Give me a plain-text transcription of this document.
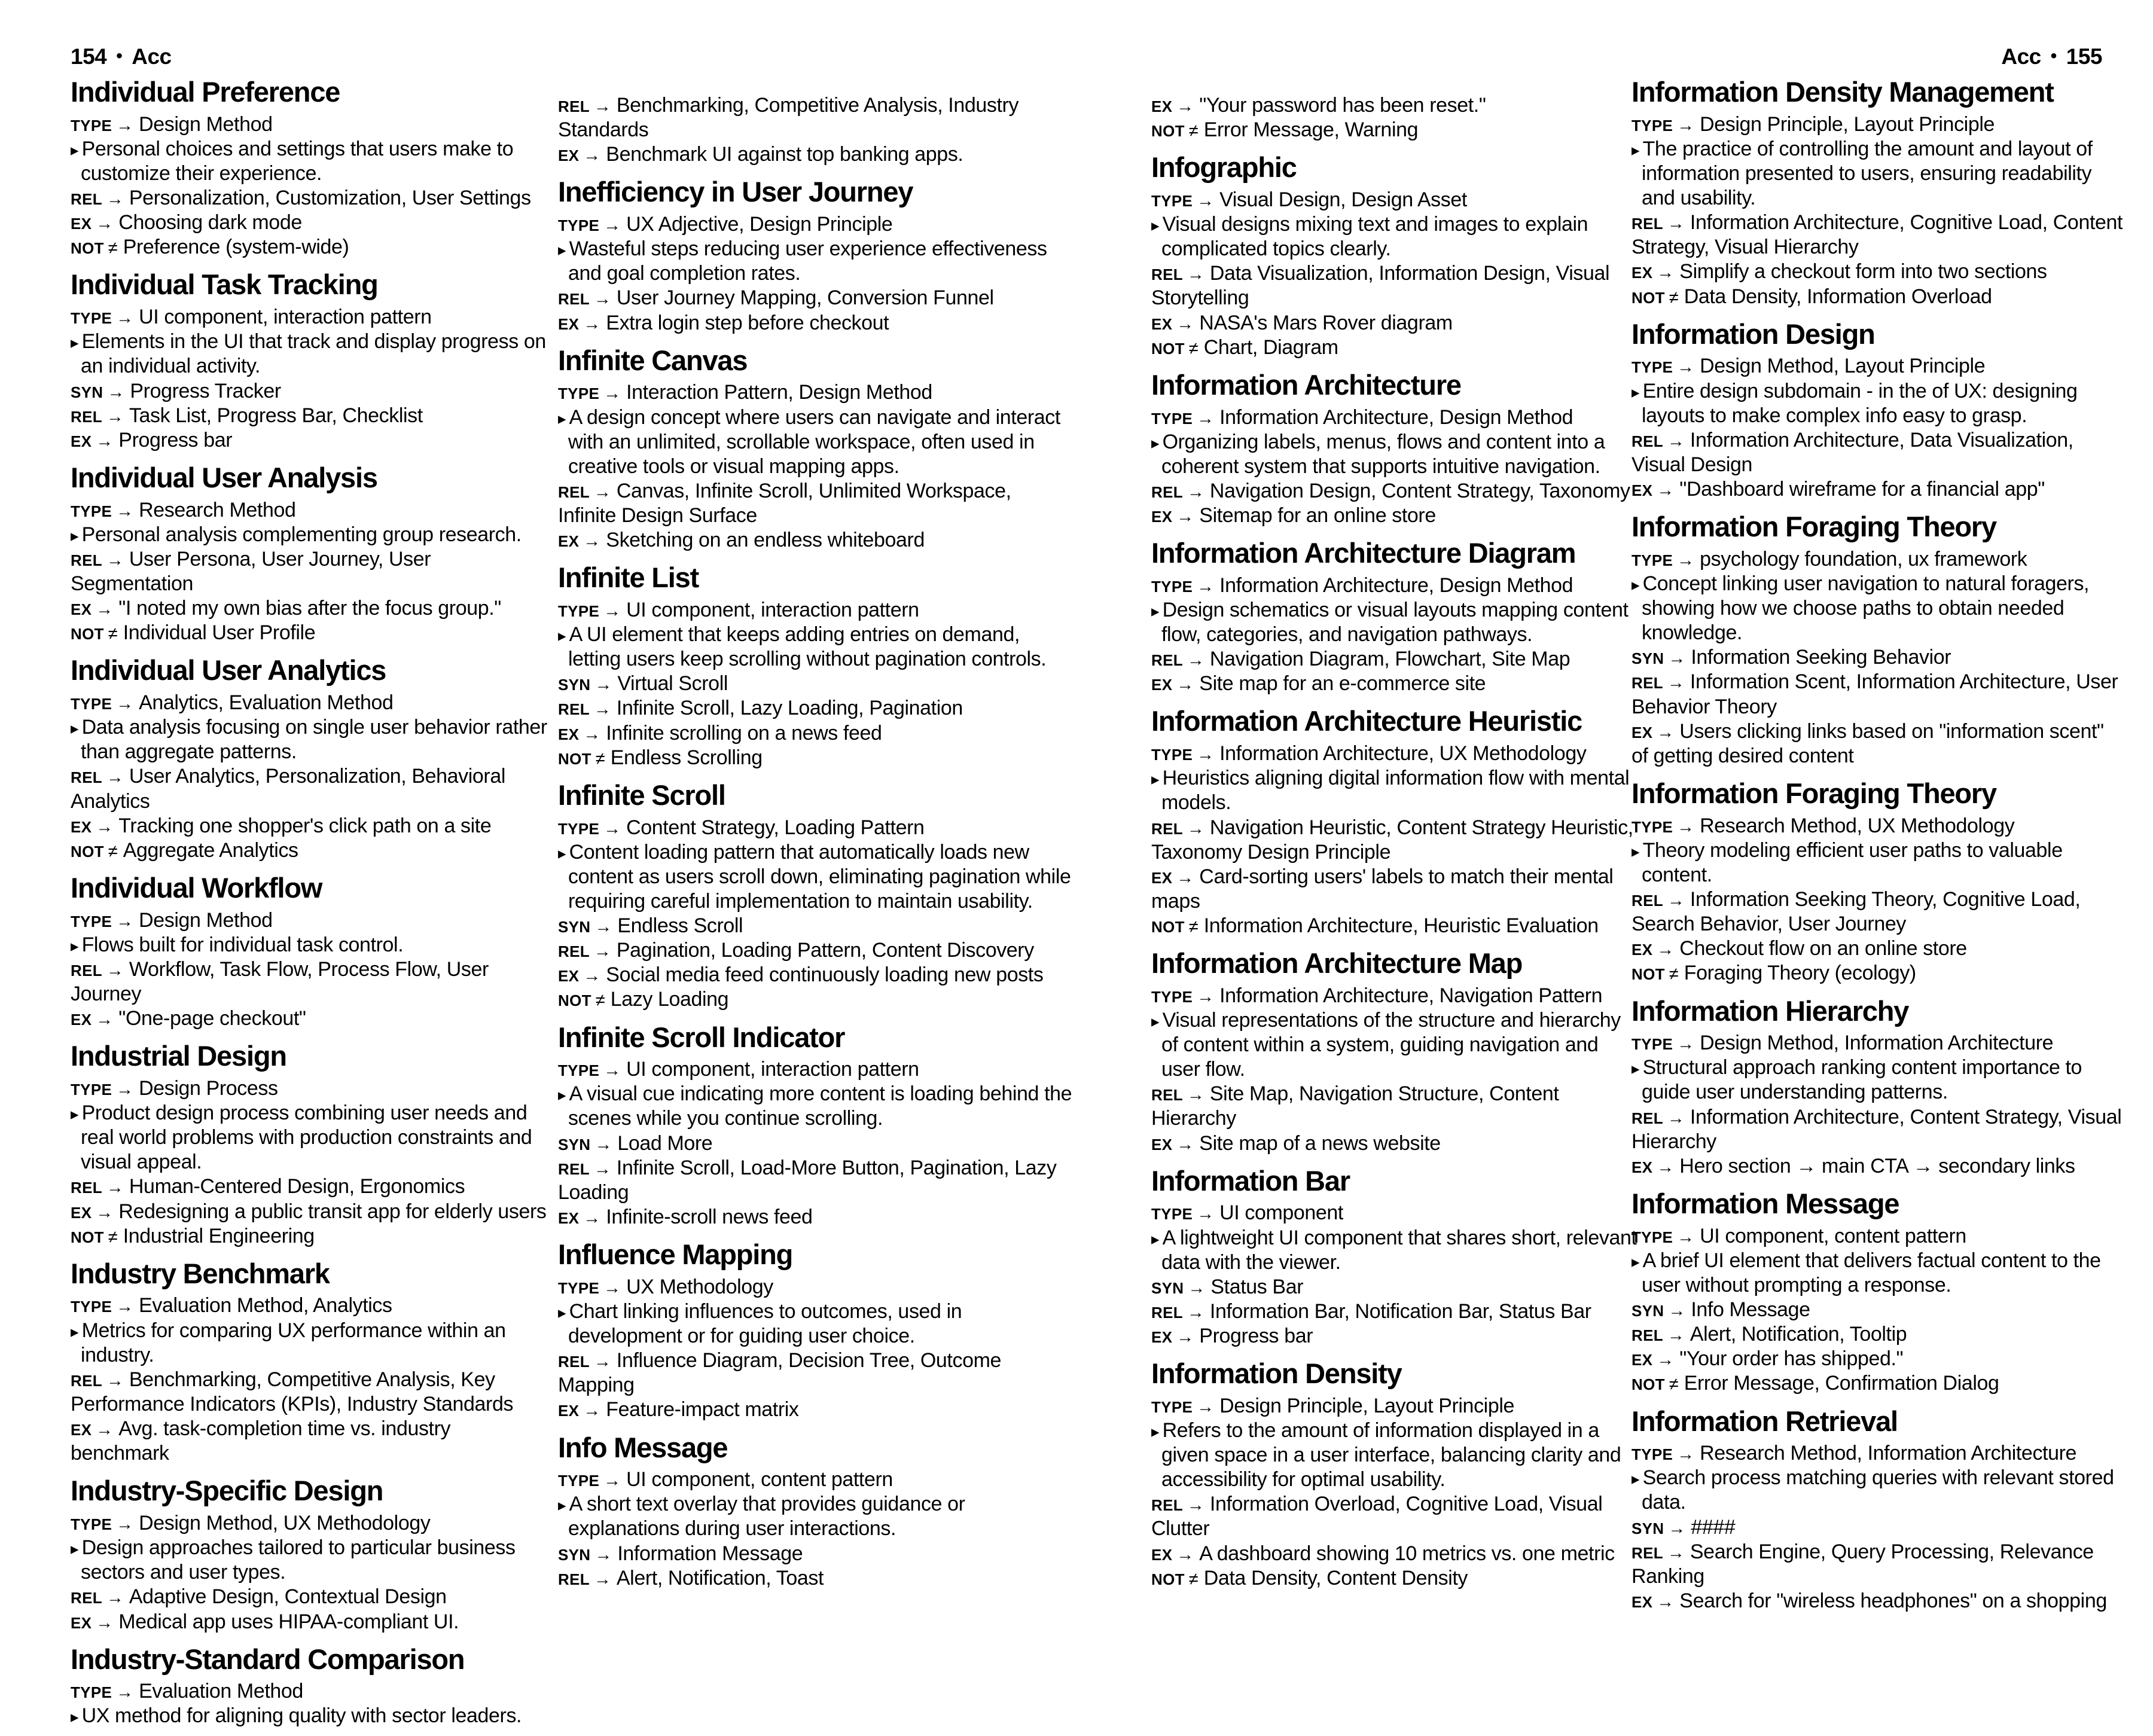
154 • Acc	Acc • 155
Individual Preference
TYPE → Design Method
▸ Personal choices and settings that users make to customize their experience.
REL → Personalization, Customization, User Settings
EX → Choosing dark mode
NOT ≠ Preference (system-wide)
Individual Task Tracking
TYPE → UI component, interaction pattern
▸ Elements in the UI that track and display progress on an individual activity.
SYN → Progress Tracker
REL → Task List, Progress Bar, Checklist
EX → Progress bar
Individual User Analysis
TYPE → Research Method
▸ Personal analysis complementing group research.
REL → User Persona, User Journey, User Segmentation
EX → "I noted my own bias after the focus group."
NOT ≠ Individual User Profile
Individual User Analytics
TYPE → Analytics, Evaluation Method
▸ Data analysis focusing on single user behavior rather than aggregate patterns.
REL → User Analytics, Personalization, Behavioral Analytics
EX → Tracking one shopper's click path on a site
NOT ≠ Aggregate Analytics
Individual Workflow
TYPE → Design Method
▸ Flows built for individual task control.
REL → Workflow, Task Flow, Process Flow, User Journey
EX → "One-page checkout"
Industrial Design
TYPE → Design Process
▸ Product design process combining user needs and real world problems with production constraints and visual appeal.
REL → Human-Centered Design, Ergonomics
EX → Redesigning a public transit app for elderly users
NOT ≠ Industrial Engineering
Industry Benchmark
TYPE → Evaluation Method, Analytics
▸ Metrics for comparing UX performance within an industry.
REL → Benchmarking, Competitive Analysis, Key Performance Indicators (KPIs), Industry Standards
EX → Avg. task-completion time vs. industry benchmark
Industry-Specific Design
TYPE → Design Method, UX Methodology
▸ Design approaches tailored to particular business sectors and user types.
REL → Adaptive Design, Contextual Design
EX → Medical app uses HIPAA-compliant UI.
Industry-Standard Comparison
TYPE → Evaluation Method
▸ UX method for aligning quality with sector leaders.
REL → Benchmarking, Competitive Analysis, Industry Standards
EX → Benchmark UI against top banking apps.
Inefficiency in User Journey
TYPE → UX Adjective, Design Principle
▸ Wasteful steps reducing user experience effectiveness and goal completion rates.
REL → User Journey Mapping, Conversion Funnel
EX → Extra login step before checkout
Infinite Canvas
TYPE → Interaction Pattern, Design Method
▸ A design concept where users can navigate and interact with an unlimited, scrollable workspace, often used in creative tools or visual mapping apps.
REL → Canvas, Infinite Scroll, Unlimited Workspace, Infinite Design Surface
EX → Sketching on an endless whiteboard
Infinite List
TYPE → UI component, interaction pattern
▸ A UI element that keeps adding entries on demand, letting users keep scrolling without pagination controls.
SYN → Virtual Scroll
REL → Infinite Scroll, Lazy Loading, Pagination
EX → Infinite scrolling on a news feed
NOT ≠ Endless Scrolling
Infinite Scroll
TYPE → Content Strategy, Loading Pattern
▸ Content loading pattern that automatically loads new content as users scroll down, eliminating pagination while requiring careful implementation to maintain usability.
SYN → Endless Scroll
REL → Pagination, Loading Pattern, Content Discovery
EX → Social media feed continuously loading new posts
NOT ≠ Lazy Loading
Infinite Scroll Indicator
TYPE → UI component, interaction pattern
▸ A visual cue indicating more content is loading behind the scenes while you continue scrolling.
SYN → Load More
REL → Infinite Scroll, Load-More Button, Pagination, Lazy Loading
EX → Infinite-scroll news feed
Influence Mapping
TYPE → UX Methodology
▸ Chart linking influences to outcomes, used in development or for guiding user choice.
REL → Influence Diagram, Decision Tree, Outcome Mapping
EX → Feature-impact matrix
Info Message
TYPE → UI component, content pattern
▸ A short text overlay that provides guidance or explanations during user interactions.
SYN → Information Message
REL → Alert, Notification, Toast
EX → "Your password has been reset."
NOT ≠ Error Message, Warning
Infographic
TYPE → Visual Design, Design Asset
▸ Visual designs mixing text and images to explain complicated topics clearly.
REL → Data Visualization, Information Design, Visual Storytelling
EX → NASA's Mars Rover diagram
NOT ≠ Chart, Diagram
Information Architecture
TYPE → Information Architecture, Design Method
▸ Organizing labels, menus, flows and content into a coherent system that supports intuitive navigation.
REL → Navigation Design, Content Strategy, Taxonomy
EX → Sitemap for an online store
Information Architecture Diagram
TYPE → Information Architecture, Design Method
▸ Design schematics or visual layouts mapping content flow, categories, and navigation pathways.
REL → Navigation Diagram, Flowchart, Site Map
EX → Site map for an e-commerce site
Information Architecture Heuristic
TYPE → Information Architecture, UX Methodology
▸ Heuristics aligning digital information flow with mental models.
REL → Navigation Heuristic, Content Strategy Heuristic, Taxonomy Design Principle
EX → Card-sorting users' labels to match their mental maps
NOT ≠ Information Architecture, Heuristic Evaluation
Information Architecture Map
TYPE → Information Architecture, Navigation Pattern
▸ Visual representations of the structure and hierarchy of content within a system, guiding navigation and user flow.
REL → Site Map, Navigation Structure, Content Hierarchy
EX → Site map of a news website
Information Bar
TYPE → UI component
▸ A lightweight UI component that shares short, relevant data with the viewer.
SYN → Status Bar
REL → Information Bar, Notification Bar, Status Bar
EX → Progress bar
Information Density
TYPE → Design Principle, Layout Principle
▸ Refers to the amount of information displayed in a given space in a user interface, balancing clarity and accessibility for optimal usability.
REL → Information Overload, Cognitive Load, Visual Clutter
EX → A dashboard showing 10 metrics vs. one metric
NOT ≠ Data Density, Content Density
Information Density Management
TYPE → Design Principle, Layout Principle
▸ The practice of controlling the amount and layout of information presented to users, ensuring readability and usability.
REL → Information Architecture, Cognitive Load, Content Strategy, Visual Hierarchy
EX → Simplify a checkout form into two sections
NOT ≠ Data Density, Information Overload
Information Design
TYPE → Design Method, Layout Principle
▸ Entire design subdomain - in the of UX: designing layouts to make complex info easy to grasp.
REL → Information Architecture, Data Visualization, Visual Design
EX → "Dashboard wireframe for a financial app"
Information Foraging Theory
TYPE → psychology foundation, ux framework
▸ Concept linking user navigation to natural foragers, showing how we choose paths to obtain needed knowledge.
SYN → Information Seeking Behavior
REL → Information Scent, Information Architecture, User Behavior Theory
EX → Users clicking links based on "information scent" of getting desired content
Information Foraging Theory
TYPE → Research Method, UX Methodology
▸ Theory modeling efficient user paths to valuable content.
REL → Information Seeking Theory, Cognitive Load, Search Behavior, User Journey
EX → Checkout flow on an online store
NOT ≠ Foraging Theory (ecology)
Information Hierarchy
TYPE → Design Method, Information Architecture
▸ Structural approach ranking content importance to guide user understanding patterns.
REL → Information Architecture, Content Strategy, Visual Hierarchy
EX → Hero section → main CTA → secondary links
Information Message
TYPE → UI component, content pattern
▸ A brief UI element that delivers factual content to the user without prompting a response.
SYN → Info Message
REL → Alert, Notification, Tooltip
EX → "Your order has shipped."
NOT ≠ Error Message, Confirmation Dialog
Information Retrieval
TYPE → Research Method, Information Architecture
▸ Search process matching queries with relevant stored data.
SYN → ####
REL → Search Engine, Query Processing, Relevance Ranking
EX → Search for "wireless headphones" on a shopping
